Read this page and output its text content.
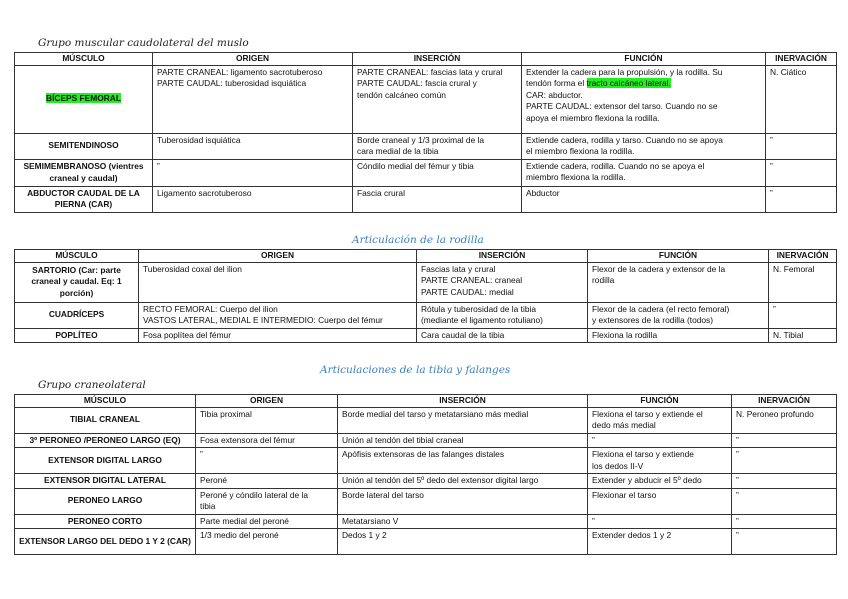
Grupo muscular caudolateral del muslo
MÚSCULO	ORIGEN	INSERCIÓN	FUNCIÓN	INERVACIÓN
BÍCEPS FEMORAL	PARTE CRANEAL: ligamento sacrotuberoso
PARTE CAUDAL: tuberosidad isquiática	PARTE CRANEAL: fascias lata y crural
PARTE CAUDAL: fascia crural y
tendón calcáneo común	Extender la cadera para la propulsión, y la rodilla. Su
tendón forma el tracto calcáneo lateral.
CAR: abductor.
PARTE CAUDAL: extensor del tarso. Cuando no se
apoya el miembro flexiona la rodilla.	N. Ciático
SEMITENDINOSO	Tuberosidad isquiática	Borde craneal y 1/3 proximal de la
cara medial de la tibia	Extiende cadera, rodilla y tarso. Cuando no se apoya
el miembro flexiona la rodilla.	”
SEMIMEMBRANOSO (vientres craneal y caudal)	”	Cóndilo medial del fémur y tibia	Extiende cadera, rodilla. Cuando no se apoya el
miembro flexiona la rodilla.	”
ABDUCTOR CAUDAL DE LA PIERNA (CAR)	Ligamento sacrotuberoso	Fascia crural	Abductor	”
Articulación de la rodilla
MÚSCULO	ORIGEN	INSERCIÓN	FUNCIÓN	INERVACIÓN
SARTORIO (Car: parte craneal y caudal. Eq: 1 porción)	Tuberosidad coxal del ilion	Fascias lata y crural
PARTE CRANEAL: craneal
PARTE CAUDAL: medial	Flexor de la cadera y extensor de la
rodilla	N. Femoral
CUADRÍCEPS	RECTO FEMORAL: Cuerpo del ilion
VASTOS LATERAL, MEDIAL E INTERMEDIO: Cuerpo del fémur	Rótula y tuberosidad de la tibia
(mediante el ligamento rotuliano)	Flexor de la cadera (el recto femoral)
y extensores de la rodilla (todos)	”
POPLÍTEO	Fosa poplítea del fémur	Cara caudal de la tibia	Flexiona la rodilla	N. Tibial
Articulaciones de la tibia y falanges
Grupo craneolateral
MÚSCULO	ORIGEN	INSERCIÓN	FUNCIÓN	INERVACIÓN
TIBIAL CRANEAL	Tibia proximal	Borde medial del tarso y metatarsiano más medial	Flexiona el tarso y extiende el
dedo más medial	N. Peroneo profundo
3º PERONEO /PERONEO LARGO (EQ)	Fosa extensora del fémur	Unión al tendón del tibial craneal	”	”
EXTENSOR DIGITAL LARGO	”	Apófisis extensoras de las falanges distales	Flexiona el tarso y extiende
los dedos II-V	”
EXTENSOR DIGITAL LATERAL	Peroné	Unión al tendón del 5º dedo del extensor digital largo	Extender y abducir el 5º dedo	”
PERONEO LARGO	Peroné y cóndilo lateral de la
tibia	Borde lateral del tarso	Flexionar el tarso	”
PERONEO CORTO	Parte medial del peroné	Metatarsiano V	”	”
EXTENSOR LARGO DEL DEDO 1 Y 2 (CAR)	1/3 medio del peroné	Dedos 1 y 2	Extender dedos 1 y 2	”
